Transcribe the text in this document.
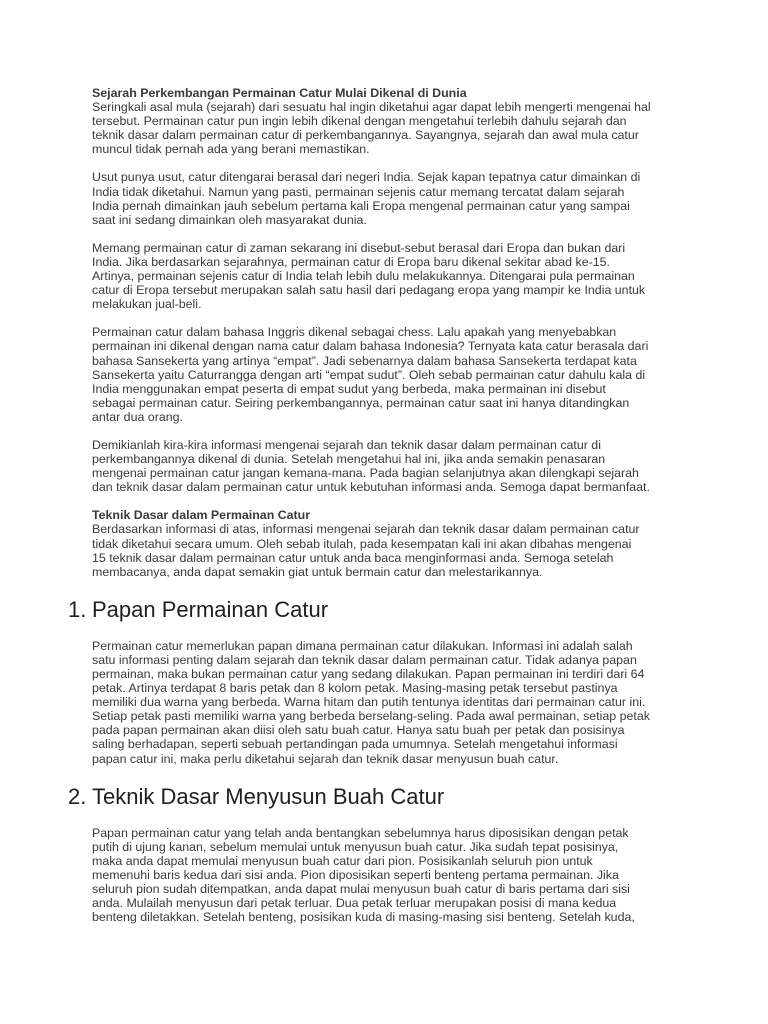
Sejarah Perkembangan Permainan Catur Mulai Dikenal di Dunia
Seringkali asal mula (sejarah) dari sesuatu hal ingin diketahui agar dapat lebih mengerti mengenai hal
tersebut. Permainan catur pun ingin lebih dikenal dengan mengetahui terlebih dahulu sejarah dan
teknik dasar dalam permainan catur di perkembangannya. Sayangnya, sejarah dan awal mula catur
muncul tidak pernah ada yang berani memastikan.
Usut punya usut, catur ditengarai berasal dari negeri India. Sejak kapan tepatnya catur dimainkan di
India tidak diketahui. Namun yang pasti, permainan sejenis catur memang tercatat dalam sejarah
India pernah dimainkan jauh sebelum pertama kali Eropa mengenal permainan catur yang sampai
saat ini sedang dimainkan oleh masyarakat dunia.
Memang permainan catur di zaman sekarang ini disebut-sebut berasal dari Eropa dan bukan dari
India. Jika berdasarkan sejarahnya, permainan catur di Eropa baru dikenal sekitar abad ke-15.
Artinya, permainan sejenis catur di India telah lebih dulu melakukannya. Ditengarai pula permainan
catur di Eropa tersebut merupakan salah satu hasil dari pedagang eropa yang mampir ke India untuk
melakukan jual-beli.
Permainan catur dalam bahasa Inggris dikenal sebagai chess. Lalu apakah yang menyebabkan
permainan ini dikenal dengan nama catur dalam bahasa Indonesia? Ternyata kata catur berasala dari
bahasa Sansekerta yang artinya “empat”. Jadi sebenarnya dalam bahasa Sansekerta terdapat kata
Sansekerta yaitu Caturrangga dengan arti “empat sudut”. Oleh sebab permainan catur dahulu kala di
India menggunakan empat peserta di empat sudut yang berbeda, maka permainan ini disebut
sebagai permainan catur. Seiring perkembangannya, permainan catur saat ini hanya ditandingkan
antar dua orang.
Demikianlah kira-kira informasi mengenai sejarah dan teknik dasar dalam permainan catur di
perkembangannya dikenal di dunia. Setelah mengetahui hal ini, jika anda semakin penasaran
mengenai permainan catur jangan kemana-mana. Pada bagian selanjutnya akan dilengkapi sejarah
dan teknik dasar dalam permainan catur untuk kebutuhan informasi anda. Semoga dapat bermanfaat.
Teknik Dasar dalam Permainan Catur
Berdasarkan informasi di atas, informasi mengenai sejarah dan teknik dasar dalam permainan catur
tidak diketahui secara umum. Oleh sebab itulah, pada kesempatan kali ini akan dibahas mengenai
15 teknik dasar dalam permainan catur untuk anda baca menginformasi anda. Semoga setelah
membacanya, anda dapat semakin giat untuk bermain catur dan melestarikannya.
1. Papan Permainan Catur
Permainan catur memerlukan papan dimana permainan catur dilakukan. Informasi ini adalah salah
satu informasi penting dalam sejarah dan teknik dasar dalam permainan catur. Tidak adanya papan
permainan, maka bukan permainan catur yang sedang dilakukan. Papan permainan ini terdiri dari 64
petak. Artinya terdapat 8 baris petak dan 8 kolom petak. Masing-masing petak tersebut pastinya
memiliki dua warna yang berbeda. Warna hitam dan putih tentunya identitas dari permainan catur ini.
Setiap petak pasti memiliki warna yang berbeda berselang-seling. Pada awal permainan, setiap petak
pada papan permainan akan diisi oleh satu buah catur. Hanya satu buah per petak dan posisinya
saling berhadapan, seperti sebuah pertandingan pada umumnya. Setelah mengetahui informasi
papan catur ini, maka perlu diketahui sejarah dan teknik dasar menyusun buah catur.
2. Teknik Dasar Menyusun Buah Catur
Papan permainan catur yang telah anda bentangkan sebelumnya harus diposisikan dengan petak
putih di ujung kanan, sebelum memulai untuk menyusun buah catur. Jika sudah tepat posisinya,
maka anda dapat memulai menyusun buah catur dari pion. Posisikanlah seluruh pion untuk
memenuhi baris kedua dari sisi anda. Pion diposisikan seperti benteng pertama permainan. Jika
seluruh pion sudah ditempatkan, anda dapat mulai menyusun buah catur di baris pertama dari sisi
anda. Mulailah menyusun dari petak terluar. Dua petak terluar merupakan posisi di mana kedua
benteng diletakkan. Setelah benteng, posisikan kuda di masing-masing sisi benteng. Setelah kuda,
